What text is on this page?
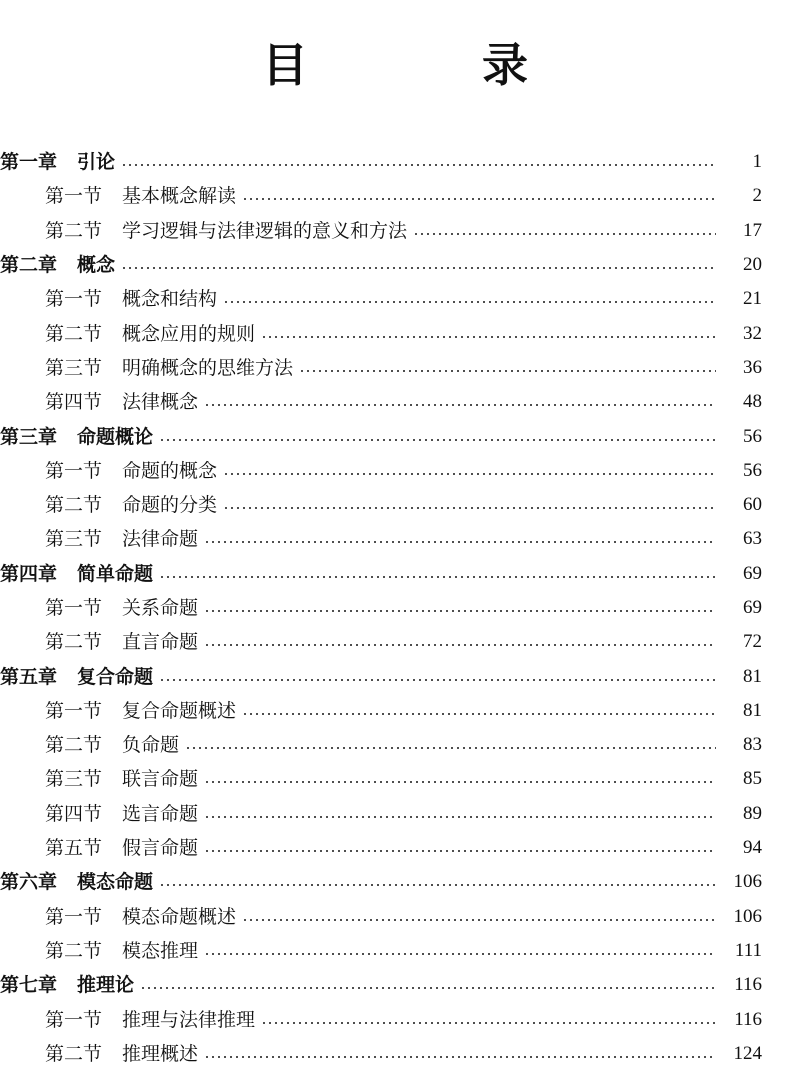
目　录
第一章 引论	1
第一节 基本概念解读	2
第二节 学习逻辑与法律逻辑的意义和方法	17
第二章 概念	20
第一节 概念和结构	21
第二节 概念应用的规则	32
第三节 明确概念的思维方法	36
第四节 法律概念	48
第三章 命题概论	56
第一节 命题的概念	56
第二节 命题的分类	60
第三节 法律命题	63
第四章 简单命题	69
第一节 关系命题	69
第二节 直言命题	72
第五章 复合命题	81
第一节 复合命题概述	81
第二节 负命题	83
第三节 联言命题	85
第四节 选言命题	89
第五节 假言命题	94
第六章 模态命题	106
第一节 模态命题概述	106
第二节 模态推理	111
第七章 推理论	116
第一节 推理与法律推理	116
第二节 推理概述	124
